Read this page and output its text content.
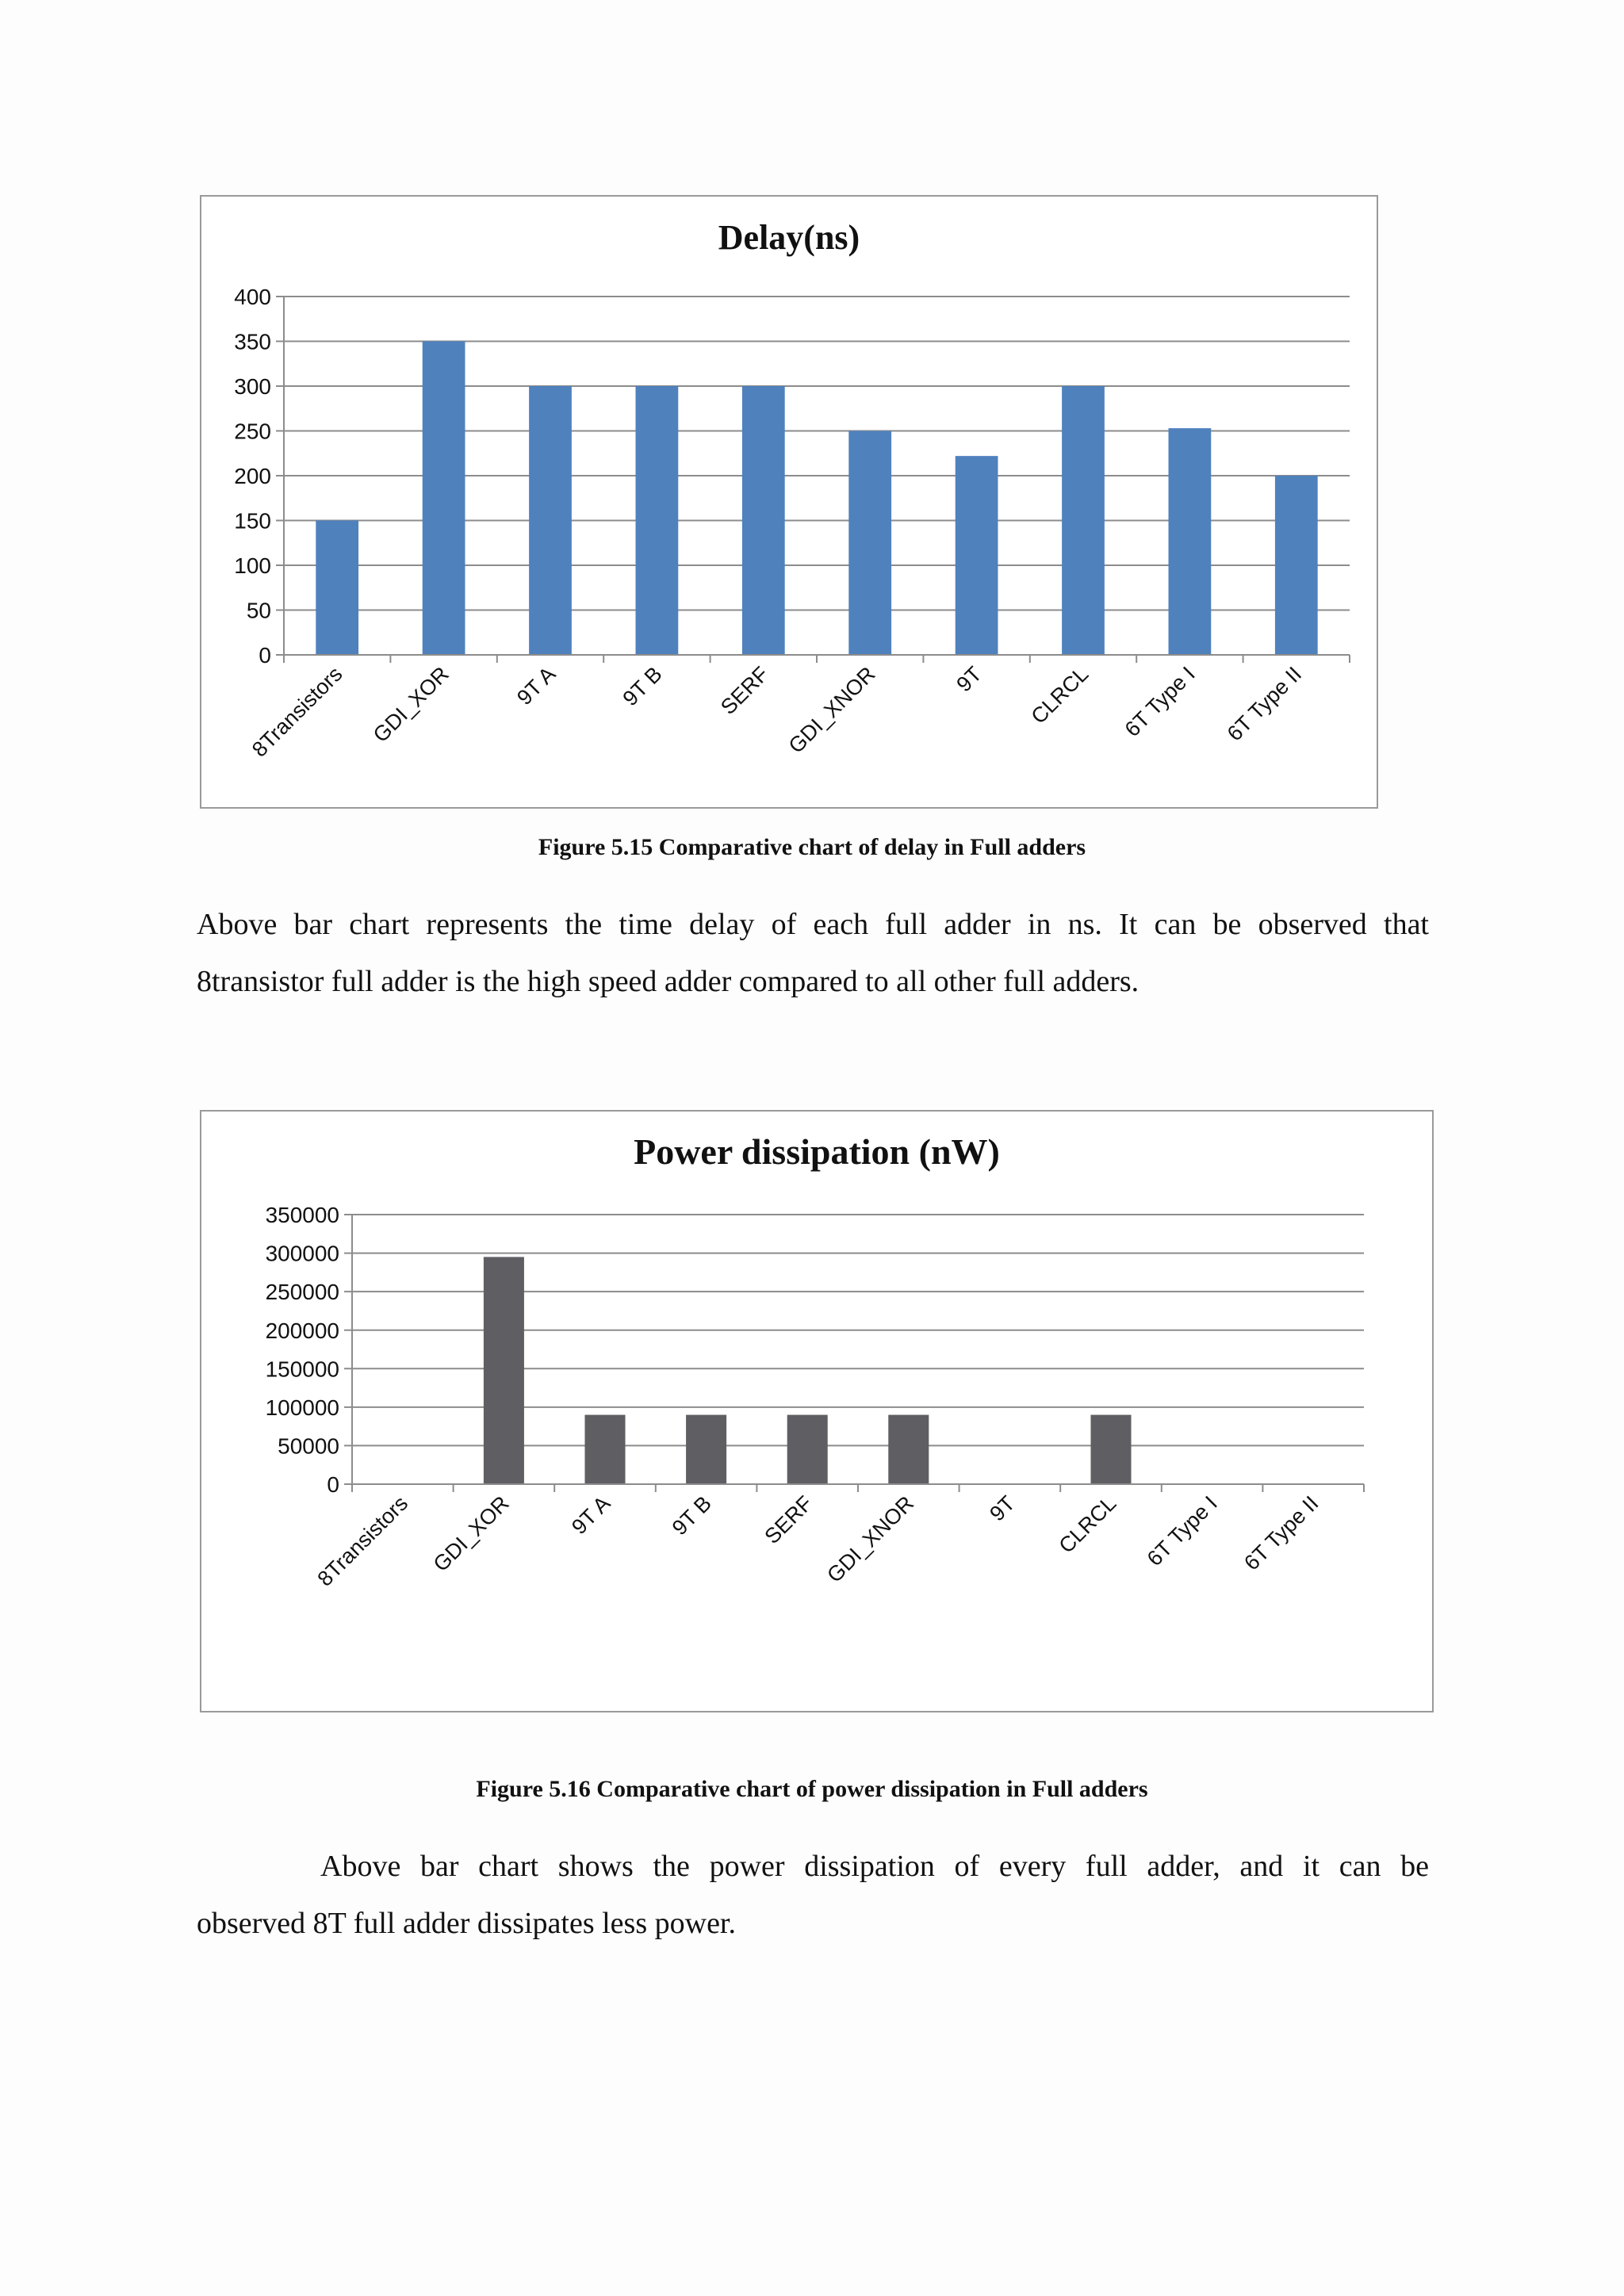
Delay(ns)
0
50
100
150
200
250
300
350
400
8Transistors GDI_XOR	9T A	9T B SERF GDI_XNOR	9T CLRCL 6T Type I 6T Type II
Figure 5.15 Comparative chart of delay in Full adders
Above bar chart represents the time delay of each full adder in ns. It can be observed that
8transistor full adder is the high speed adder compared to all other full adders.
Power dissipation (nW)
0
50000
100000
150000
200000
250000
300000
350000
8Transistors GDI_XOR 9T A 9T B SERF GDI_XNOR	9T CLRCL 6T Type I 6T Type II
Figure 5.16 Comparative chart of power dissipation in Full adders
Above bar chart shows the power dissipation of every full adder, and it can be
observed 8T full adder dissipates less power.
